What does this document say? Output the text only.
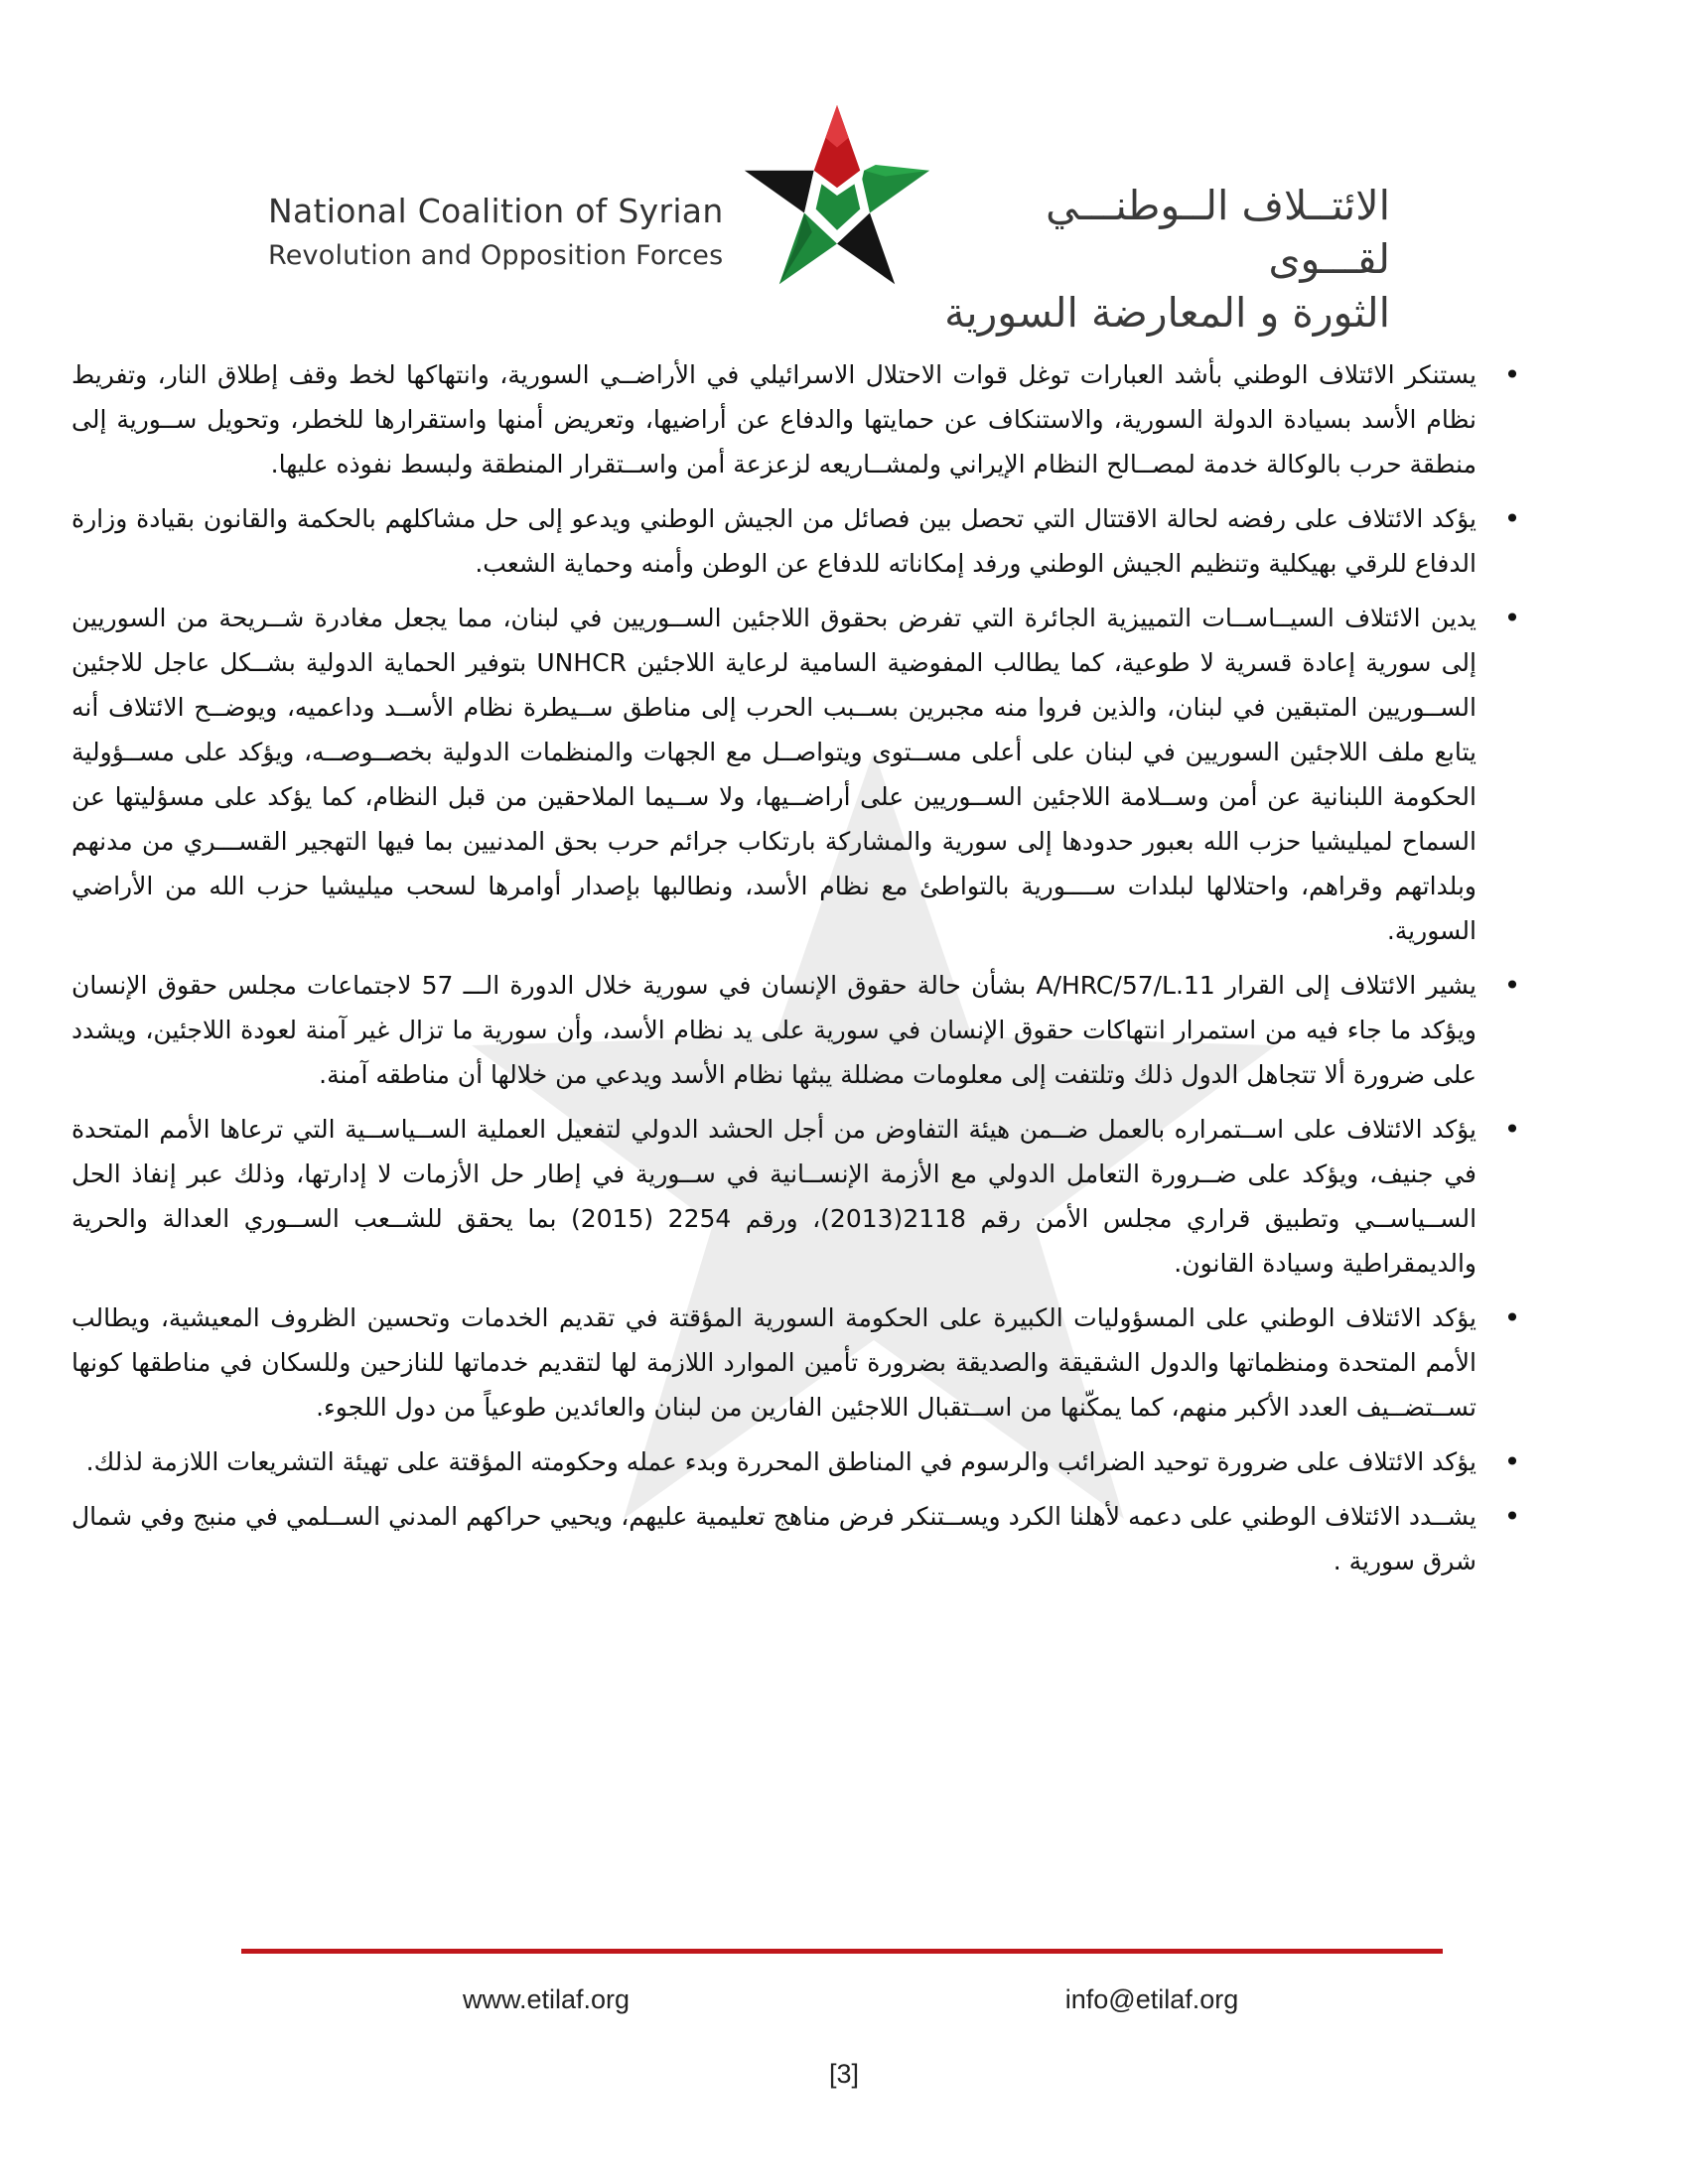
National Coalition of Syrian
Revolution and Opposition Forces
الائتــلاف الــوطنـــي لقـــوى
الثورة و المعارضة السورية
•
يستنكر الائتلاف الوطني بأشد العبارات توغل قوات الاحتلال الاسرائيلي في الأراضــي السورية، وانتهاكها لخط وقف إطلاق النار، وتفريط نظام الأسد بسيادة الدولة السورية، والاستنكاف عن حمايتها والدفاع عن أراضيها، وتعريض أمنها واستقرارها للخطر، وتحويل ســورية إلى منطقة حرب بالوكالة خدمة لمصــالح النظام الإيراني ولمشــاريعه لزعزعة أمن واســتقرار المنطقة ولبسط نفوذه عليها.
•
يؤكد الائتلاف على رفضه لحالة الاقتتال التي تحصل بين فصائل من الجيش الوطني ويدعو إلى حل مشاكلهم بالحكمة والقانون بقيادة وزارة الدفاع للرقي بهيكلية وتنظيم الجيش الوطني ورفد إمكاناته للدفاع عن الوطن وأمنه وحماية الشعب.
•
يدين الائتلاف السيــاســات التمييزية الجائرة التي تفرض بحقوق اللاجئين الســوريين في لبنان، مما يجعل مغادرة شــريحة من السوريين إلى سورية إعادة قسرية لا طوعية، كما يطالب المفوضية السامية لرعاية اللاجئين UNHCR بتوفير الحماية الدولية بشــكل عاجل للاجئين الســوريين المتبقين في لبنان، والذين فروا منه مجبرين بســبب الحرب إلى مناطق ســيطرة نظام الأســد وداعميه، ويوضــح الائتلاف أنه يتابع ملف اللاجئين السوريين في لبنان على أعلى مســتوى ويتواصــل مع الجهات والمنظمات الدولية بخصــوصــه، ويؤكد على مســؤولية الحكومة اللبنانية عن أمن وســلامة اللاجئين الســوريين على أراضــيها، ولا ســيما الملاحقين من قبل النظام، كما يؤكد على مسؤليتها عن السماح لميليشيا حزب الله بعبور حدودها إلى سورية والمشاركة بارتكاب جرائم حرب بحق المدنيين بما فيها التهجير القســـري من مدنهم وبلداتهم وقراهم، واحتلالها لبلدات ســــورية بالتواطئ مع نظام الأسد، ونطالبها بإصدار أوامرها لسحب ميليشيا حزب الله من الأراضي السورية.
•
يشير الائتلاف إلى القرار A/HRC/57/L.11 بشأن حالة حقوق الإنسان في سورية خلال الدورة الـــ 57 لاجتماعات مجلس حقوق الإنسان ويؤكد ما جاء فيه من استمرار انتهاكات حقوق الإنسان في سورية على يد نظام الأسد، وأن سورية ما تزال غير آمنة لعودة اللاجئين، ويشدد على ضرورة ألا تتجاهل الدول ذلك وتلتفت إلى معلومات مضللة يبثها نظام الأسد ويدعي من خلالها أن مناطقه آمنة.
•
يؤكد الائتلاف على اســتمراره بالعمل ضــمن هيئة التفاوض من أجل الحشد الدولي لتفعيل العملية الســياســية التي ترعاها الأمم المتحدة في جنيف، ويؤكد على ضــرورة التعامل الدولي مع الأزمة الإنســانية في ســورية في إطار حل الأزمات لا إدارتها، وذلك عبر إنفاذ الحل الســياســي وتطبيق قراري مجلس الأمن رقم 2118(2013)، ورقم 2254 (2015) بما يحقق للشــعب الســوري العدالة والحرية والديمقراطية وسيادة القانون.
•
يؤكد الائتلاف الوطني على المسؤوليات الكبيرة على الحكومة السورية المؤقتة في تقديم الخدمات وتحسين الظروف المعيشية، ويطالب الأمم المتحدة ومنظماتها والدول الشقيقة والصديقة بضرورة تأمين الموارد اللازمة لها لتقديم خدماتها للنازحين وللسكان في مناطقها كونها تســتضــيف العدد الأكبر منهم، كما يمكّنها من اســتقبال اللاجئين الفارين من لبنان والعائدين طوعياً من دول اللجوء.
•
يؤكد الائتلاف على ضرورة توحيد الضرائب والرسوم في المناطق المحررة وبدء عمله وحكومته المؤقتة على تهيئة التشريعات اللازمة لذلك.
•
يشــدد الائتلاف الوطني على دعمه لأهلنا الكرد ويســتنكر فرض مناهج تعليمية عليهم، ويحيي حراكهم المدني الســلمي في منبج وفي شمال شرق سورية .
www.etilaf.org	info@etilaf.org
[3]
